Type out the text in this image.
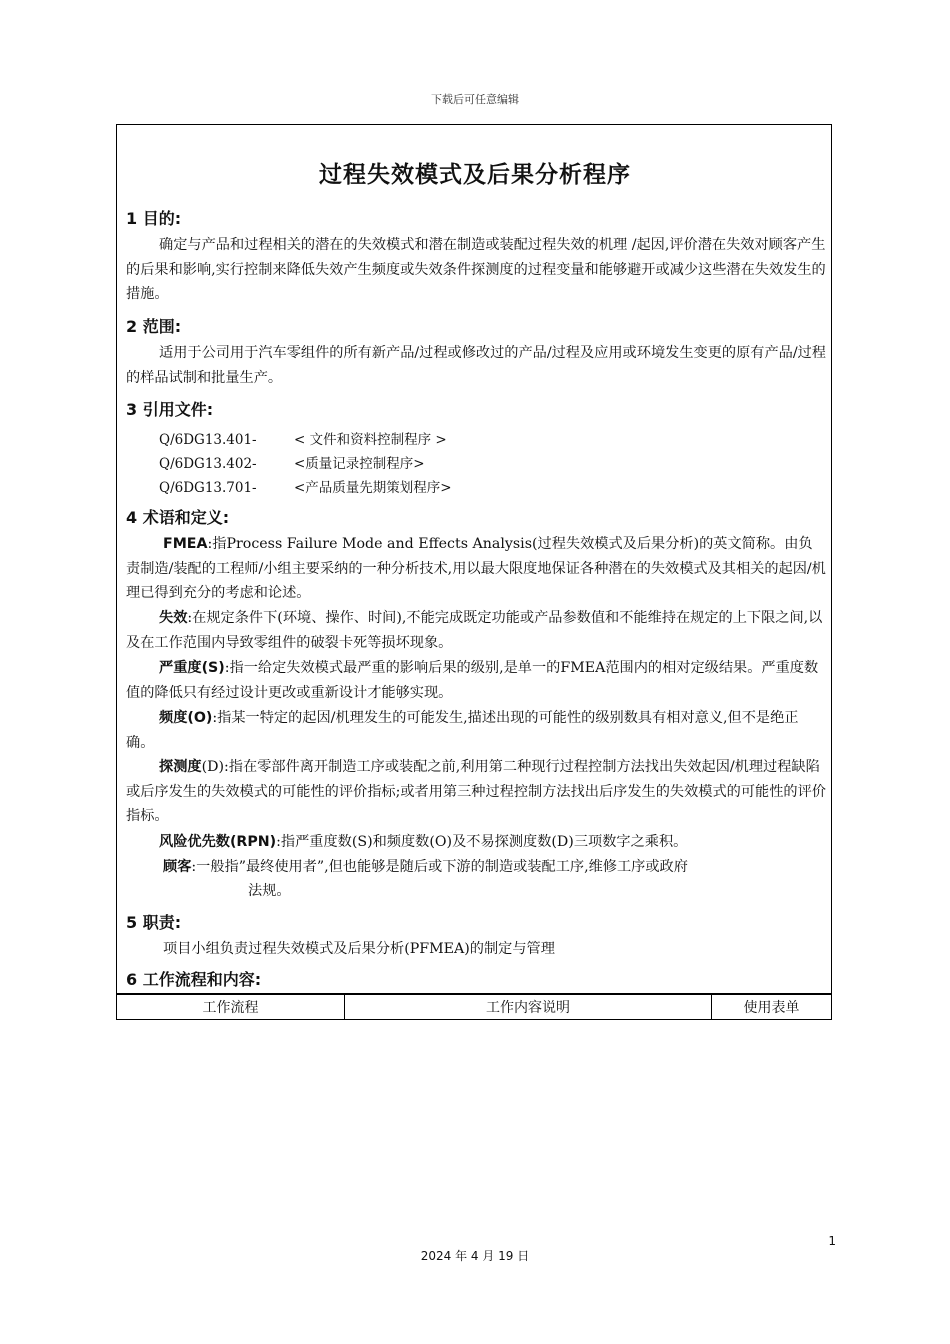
下载后可任意编辑
过程失效模式及后果分析程序
1 目的:
确定与产品和过程相关的潜在的失效模式和潜在制造或装配过程失效的机理 /起因,评价潜在失效对顾客产生的后果和影响,实行控制来降低失效产生频度或失效条件探测度的过程变量和能够避开或减少这些潜在失效发生的措施。
2 范围:
适用于公司用于汽车零组件的所有新产品/过程或修改过的产品/过程及应用或环境发生变更的原有产品/过程的样品试制和批量生产。
3 引用文件:
Q/6DG13.401-	< 文件和资料控制程序 >
Q/6DG13.402-	<质量记录控制程序>
Q/6DG13.701-	<产品质量先期策划程序>
4 术语和定义:
FMEA:指Process Failure Mode and Effects Analysis(过程失效模式及后果分析)的英文简称。由负责制造/装配的工程师/小组主要采纳的一种分析技术,用以最大限度地保证各种潜在的失效模式及其相关的起因/机理已得到充分的考虑和论述。
失效:在规定条件下(环境、操作、时间),不能完成既定功能或产品参数值和不能维持在规定的上下限之间,以及在工作范围内导致零组件的破裂卡死等损坏现象。
严重度(S):指一给定失效模式最严重的影响后果的级别,是单一的FMEA范围内的相对定级结果。严重度数值的降低只有经过设计更改或重新设计才能够实现。
频度(O):指某一特定的起因/机理发生的可能发生,描述出现的可能性的级别数具有相对意义,但不是绝正确。
探测度(D):指在零部件离开制造工序或装配之前,利用第二种现行过程控制方法找出失效起因/机理过程缺陷或后序发生的失效模式的可能性的评价指标;或者用第三种过程控制方法找出后序发生的失效模式的可能性的评价指标。
风险优先数(RPN):指严重度数(S)和频度数(O)及不易探测度数(D)三项数字之乘积。
顾客:一般指”最终使用者”,但也能够是随后或下游的制造或装配工序,维修工序或政府
法规。
5 职责:
项目小组负责过程失效模式及后果分析(PFMEA)的制定与管理
6 工作流程和内容:
工作流程	工作内容说明	使用表单
1
2024 年 4 月 19 日
